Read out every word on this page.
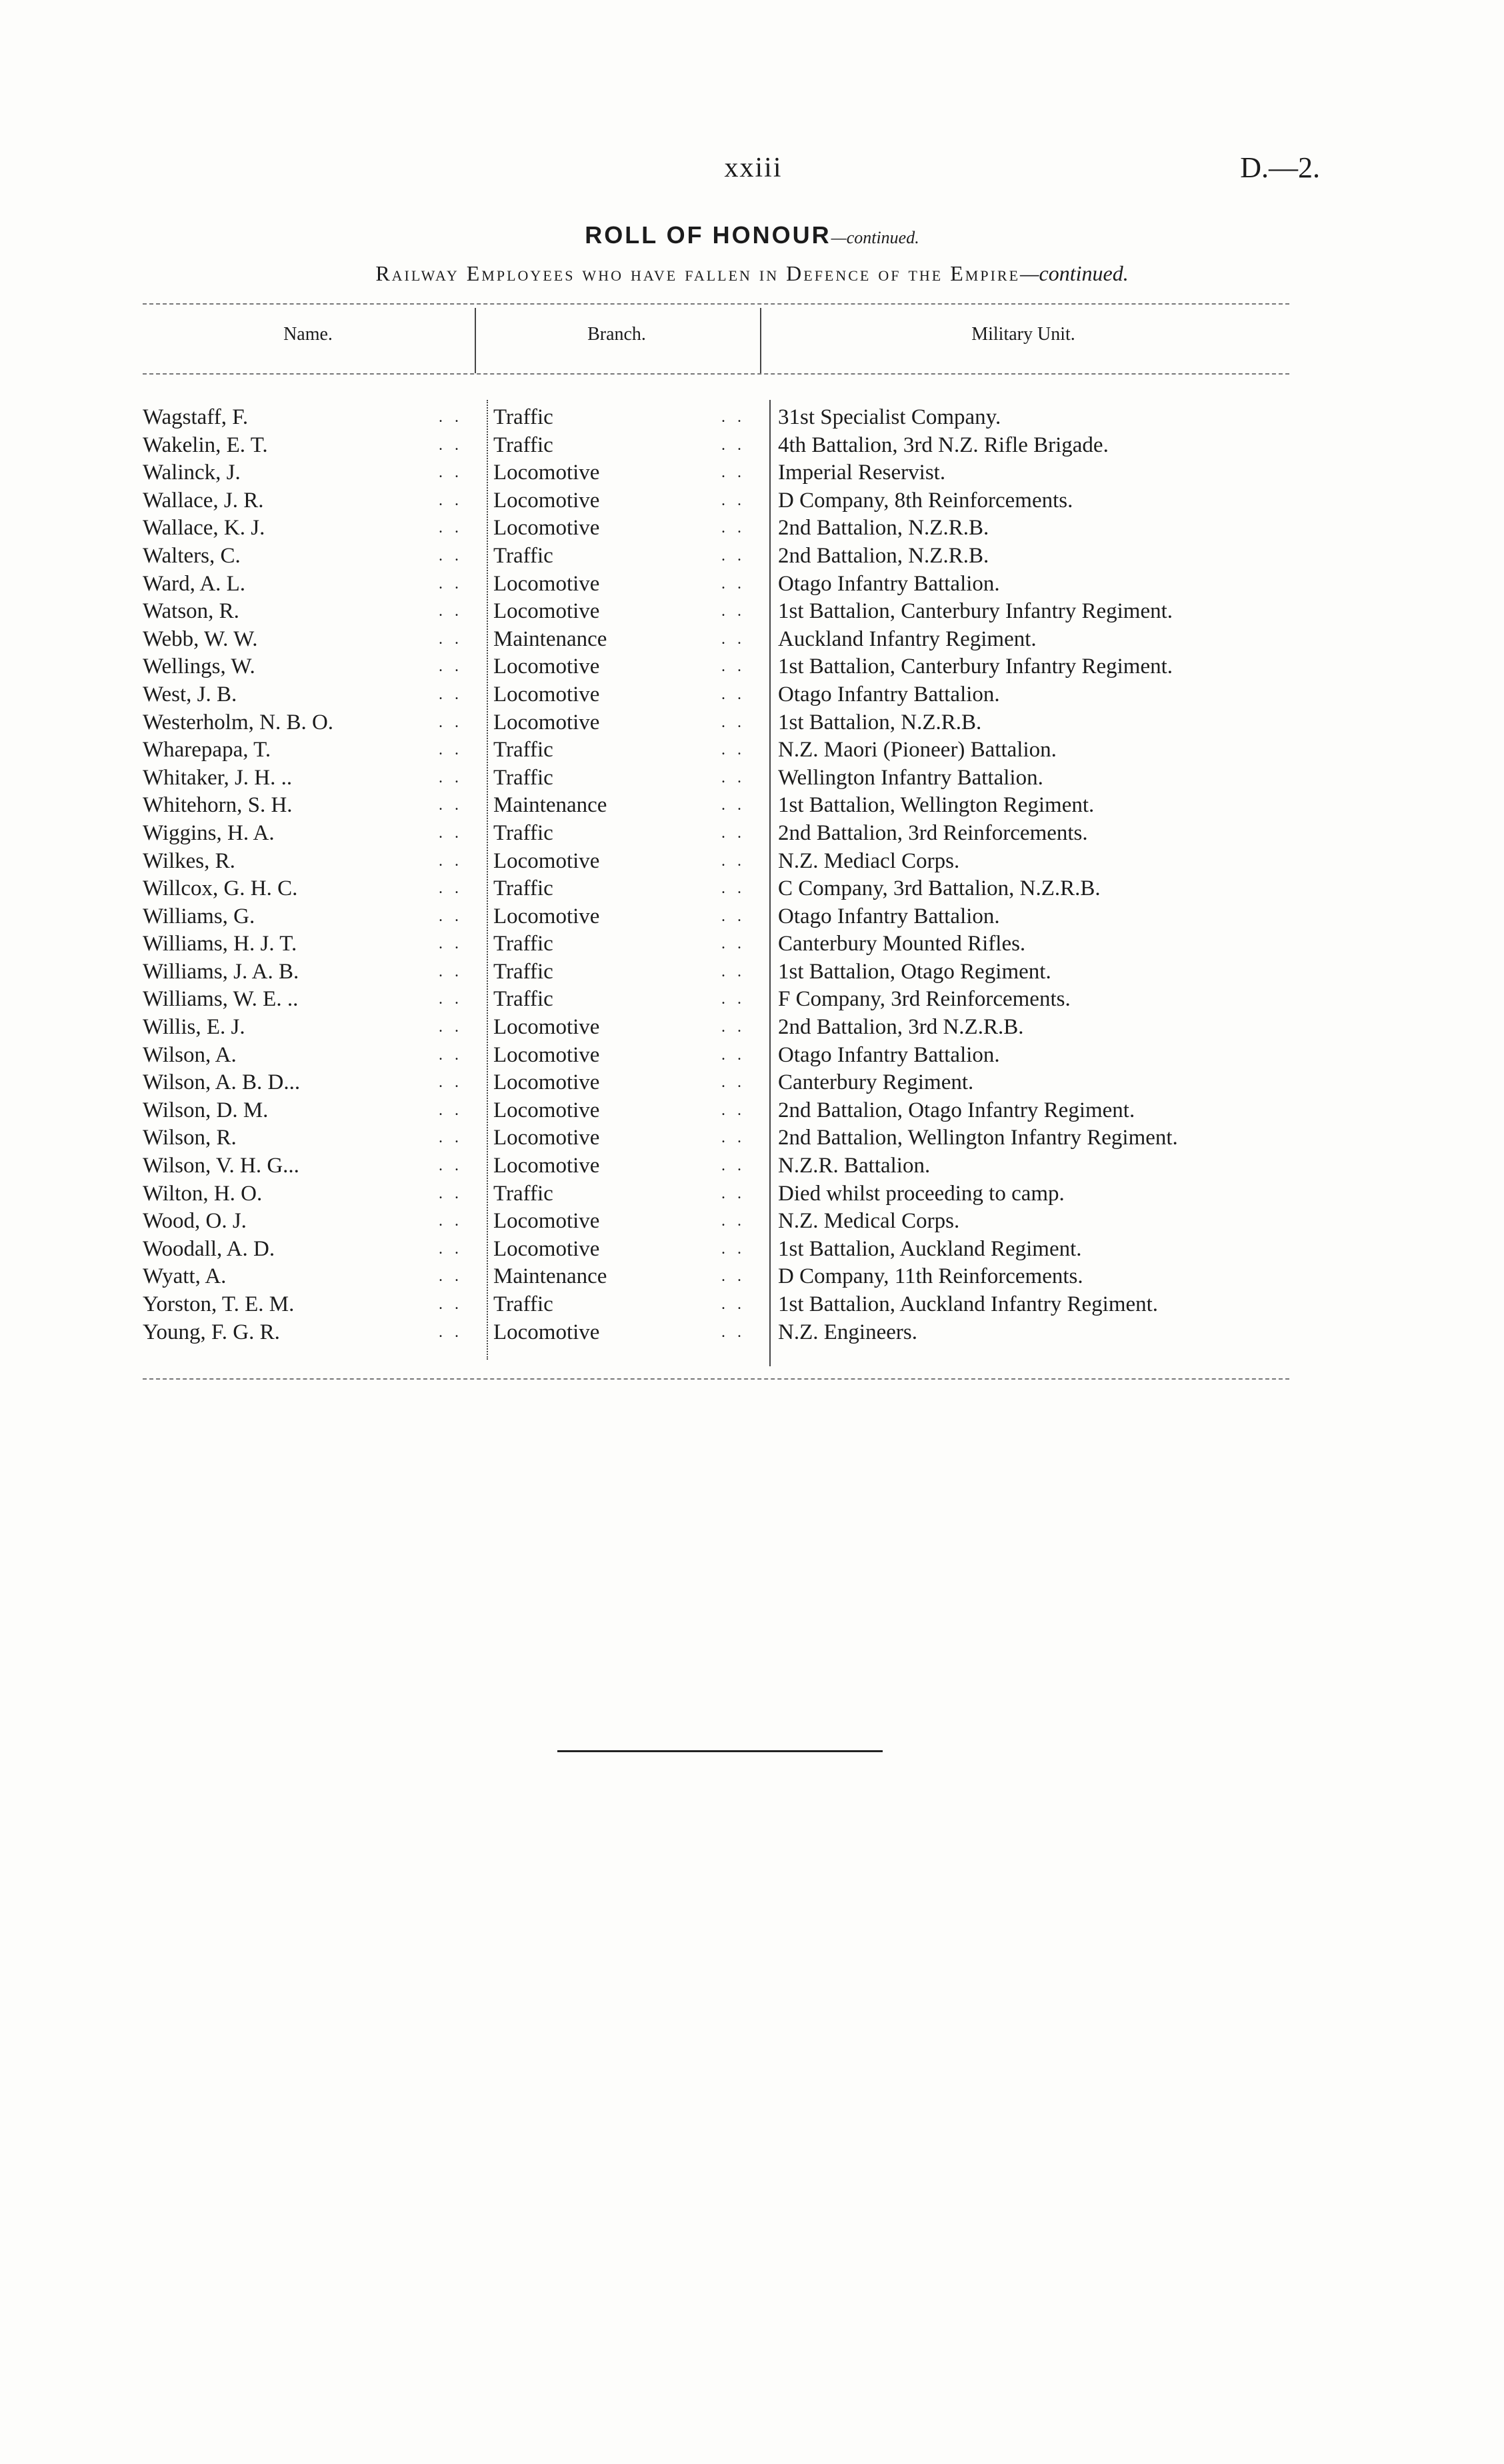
xxiii	D.—2.
ROLL OF HONOUR—continued.
Railway Employees who have fallen in Defence of the Empire—continued.
Name.	Branch.	Military Unit.
Wagstaff, F.	. . Traffic	. . 31st Specialist Company.
Wakelin, E. T.	. . Traffic	. . 4th Battalion, 3rd N.Z. Rifle Brigade.
Walinck, J.	. . Locomotive	. . Imperial Reservist.
Wallace, J. R.	. . Locomotive	. . D Company, 8th Reinforcements.
Wallace, K. J.	. . Locomotive	. . 2nd Battalion, N.Z.R.B.
Walters, C.	. . Traffic	. . 2nd Battalion, N.Z.R.B.
Ward, A. L.	. . Locomotive	. . Otago Infantry Battalion.
Watson, R.	. . Locomotive	. . 1st Battalion, Canterbury Infantry Regiment.
Webb, W. W.	. . Maintenance	. . Auckland Infantry Regiment.
Wellings, W.	. . Locomotive	. . 1st Battalion, Canterbury Infantry Regiment.
West, J. B.	. . Locomotive	. . Otago Infantry Battalion.
Westerholm, N. B. O.	. . Locomotive	. . 1st Battalion, N.Z.R.B.
Wharepapa, T.	. . Traffic	. . N.Z. Maori (Pioneer) Battalion.
Whitaker, J. H. ..	. . Traffic	. . Wellington Infantry Battalion.
Whitehorn, S. H.	. . Maintenance	. . 1st Battalion, Wellington Regiment.
Wiggins, H. A.	. . Traffic	. . 2nd Battalion, 3rd Reinforcements.
Wilkes, R.	. . Locomotive	. . N.Z. Mediacl Corps.
Willcox, G. H. C.	. . Traffic	. . C Company, 3rd Battalion, N.Z.R.B.
Williams, G.	. . Locomotive	. . Otago Infantry Battalion.
Williams, H. J. T.	. . Traffic	. . Canterbury Mounted Rifles.
Williams, J. A. B.	. . Traffic	. . 1st Battalion, Otago Regiment.
Williams, W. E. ..	. . Traffic	. . F Company, 3rd Reinforcements.
Willis, E. J.	. . Locomotive	. . 2nd Battalion, 3rd N.Z.R.B.
Wilson, A.	. . Locomotive	. . Otago Infantry Battalion.
Wilson, A. B. D...	. . Locomotive	. . Canterbury Regiment.
Wilson, D. M.	. . Locomotive	. . 2nd Battalion, Otago Infantry Regiment.
Wilson, R.	. . Locomotive	. . 2nd Battalion, Wellington Infantry Regiment.
Wilson, V. H. G...	. . Locomotive	. . N.Z.R. Battalion.
Wilton, H. O.	. . Traffic	. . Died whilst proceeding to camp.
Wood, O. J.	. . Locomotive	. . N.Z. Medical Corps.
Woodall, A. D.	. . Locomotive	. . 1st Battalion, Auckland Regiment.
Wyatt, A.	. . Maintenance	. . D Company, 11th Reinforcements.
Yorston, T. E. M.	. . Traffic	. . 1st Battalion, Auckland Infantry Regiment.
Young, F. G. R.	. . Locomotive	. . N.Z. Engineers.
